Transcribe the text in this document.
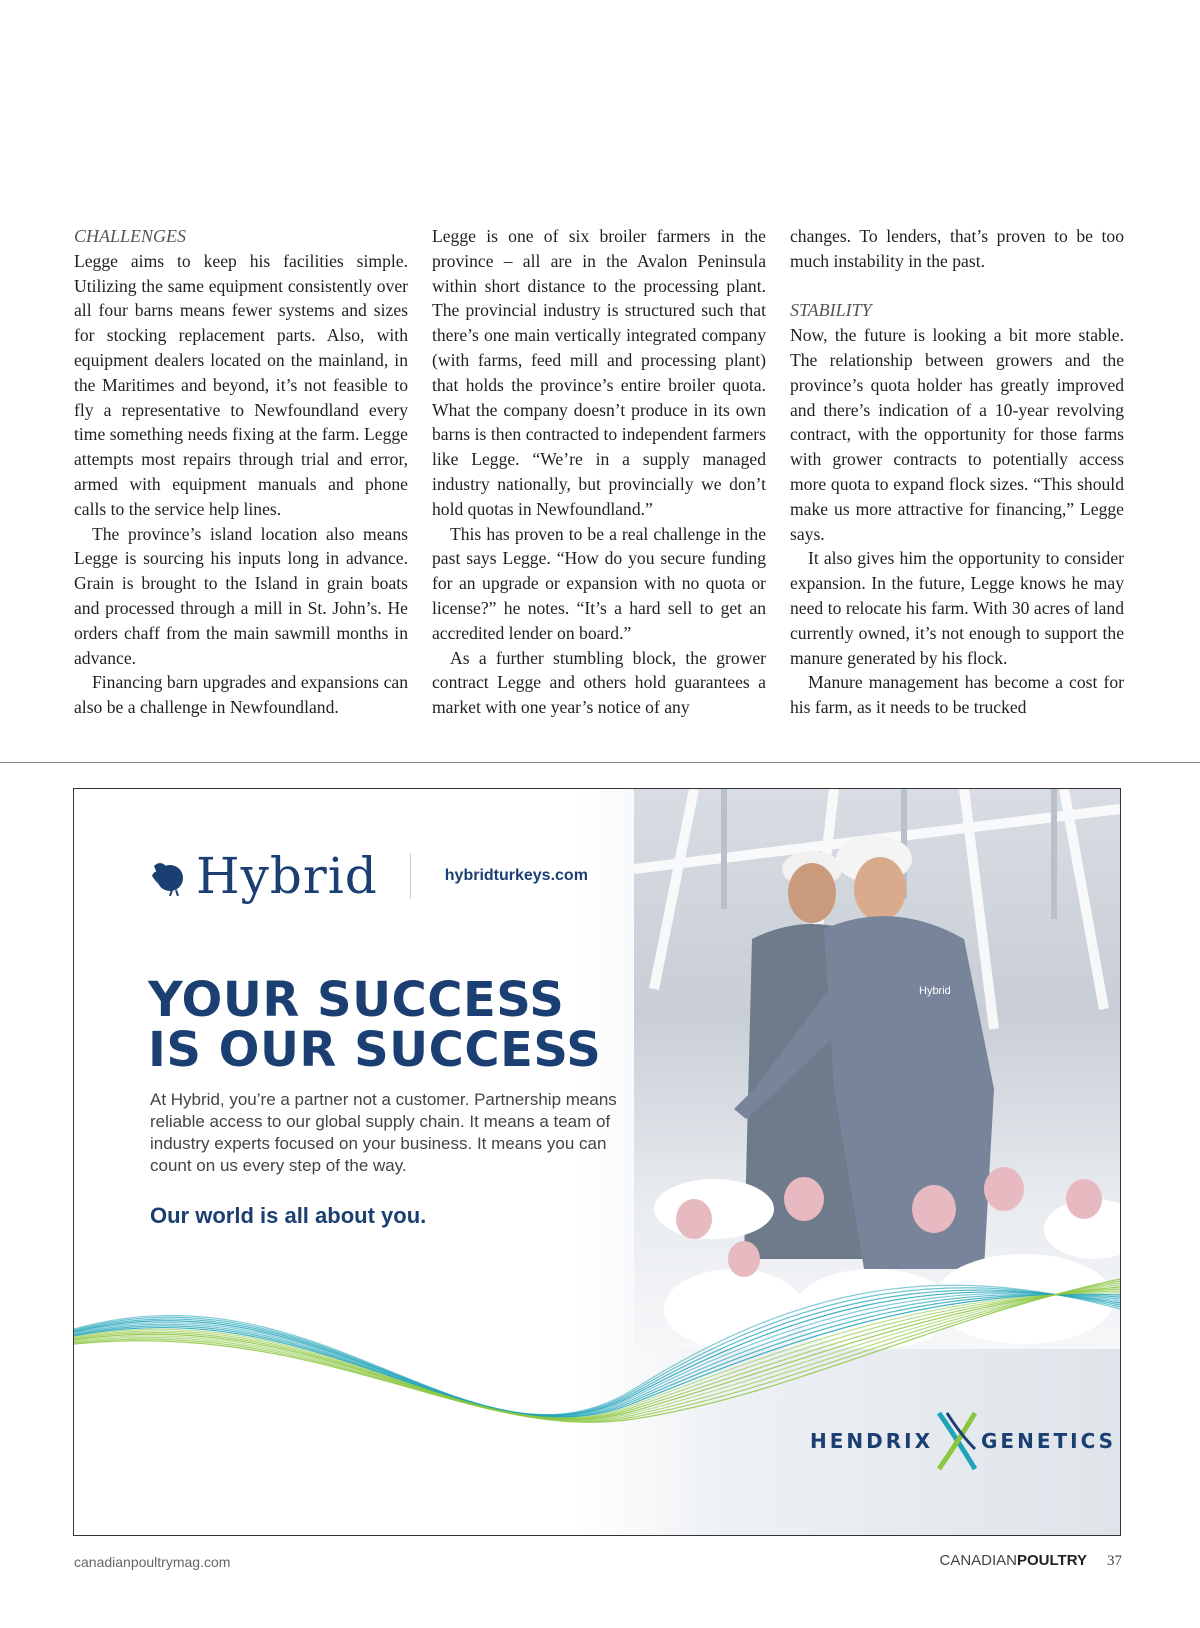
CHALLENGES

Legge aims to keep his facilities simple. Utilizing the same equipment consistently over all four barns means fewer systems and sizes for stocking replacement parts. Also, with equipment dealers located on the mainland, in the Maritimes and beyond, it’s not feasible to fly a representative to Newfoundland every time something needs fixing at the farm. Legge attempts most repairs through trial and error, armed with equipment manuals and phone calls to the service help lines.

The province’s island location also means Legge is sourcing his inputs long in advance. Grain is brought to the Island in grain boats and processed through a mill in St. John’s. He orders chaff from the main sawmill months in advance.

Financing barn upgrades and expansions can also be a challenge in Newfoundland.

Legge is one of six broiler farmers in the province – all are in the Avalon Peninsula within short distance to the processing plant. The provincial industry is structured such that there’s one main vertically integrated company (with farms, feed mill and processing plant) that holds the province’s entire broiler quota. What the company doesn’t produce in its own barns is then contracted to independent farmers like Legge. “We’re in a supply managed industry nationally, but provincially we don’t hold quotas in Newfoundland.”

This has proven to be a real challenge in the past says Legge. “How do you secure funding for an upgrade or expansion with no quota or license?” he notes. “It’s a hard sell to get an accredited lender on board.”

As a further stumbling block, the grower contract Legge and others hold guarantees a market with one year’s notice of any

changes. To lenders, that’s proven to be too much instability in the past.

STABILITY

Now, the future is looking a bit more stable. The relationship between growers and the province’s quota holder has greatly improved and there’s indication of a 10-year revolving contract, with the opportunity for those farms with grower contracts to potentially access more quota to expand flock sizes. “This should make us more attractive for financing,” Legge says.

It also gives him the opportunity to consider expansion. In the future, Legge knows he may need to relocate his farm. With 30 acres of land currently owned, it’s not enough to support the manure generated by his flock.

Manure management has become a cost for his farm, as it needs to be trucked

Hybrid
Hybrid	hybridturkeys.com
YOUR SUCCESS
IS OUR SUCCESS
At Hybrid, you’re a partner not a customer. Partnership means reliable access to our global supply chain. It means a team of industry experts focused on your business. It means you can count on us every step of the way.
Our world is all about you.
HENDRIX GENETICS
canadianpoultrymag.com	CANADIAN POULTRY 37
